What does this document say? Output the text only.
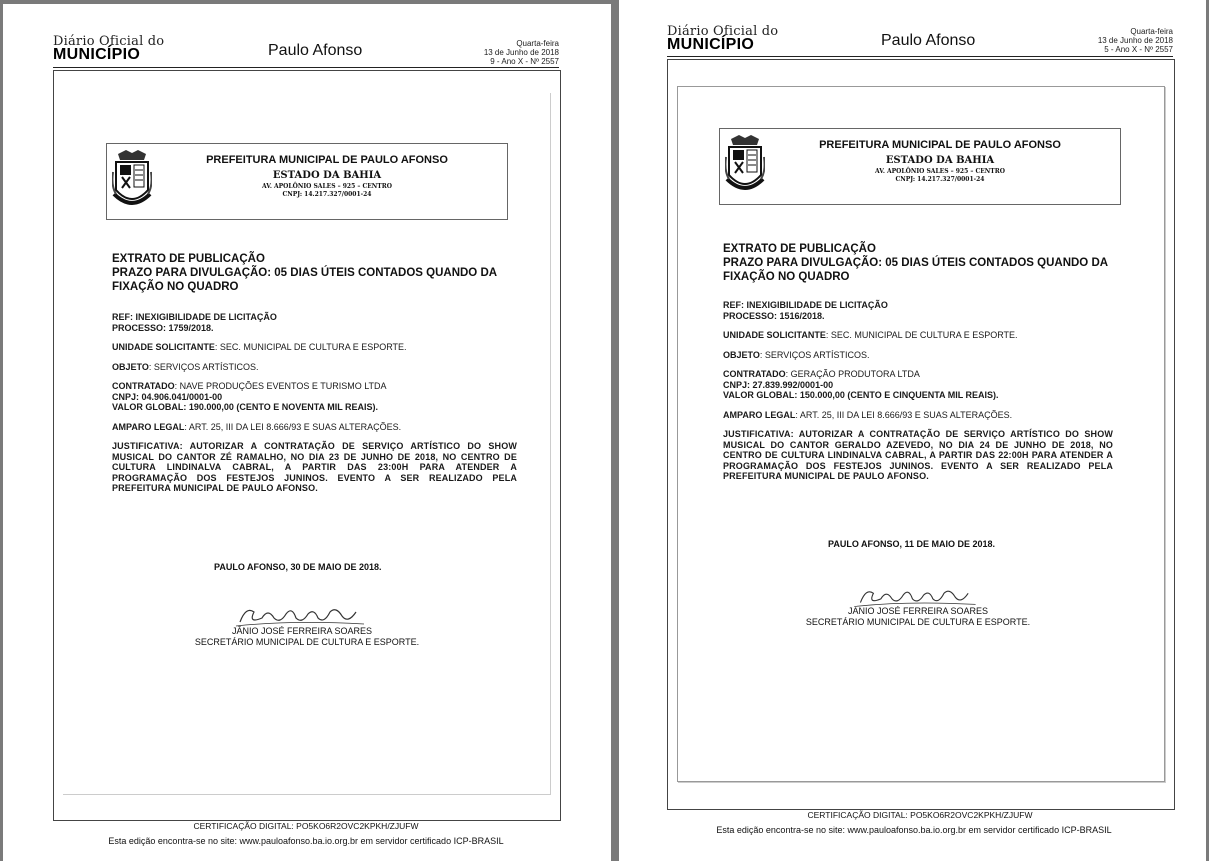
Diário Oficial do
MUNICÍPIO	Paulo Afonso	Quarta-feira
13 de Junho de 2018
9 - Ano X - Nº 2557
PREFEITURA MUNICIPAL DE PAULO AFONSO
ESTADO DA BAHIA
AV. APOLÔNIO SALES – 925 – CENTRO
CNPJ: 14.217.327/0001-24
EXTRATO DE PUBLICAÇÃO
PRAZO PARA DIVULGAÇÃO: 05 DIAS ÚTEIS CONTADOS QUANDO DA FIXAÇÃO NO QUADRO
REF: INEXIGIBILIDADE DE LICITAÇÃO
PROCESSO: 1759/2018.
UNIDADE SOLICITANTE: SEC. MUNICIPAL DE CULTURA E ESPORTE.
OBJETO: SERVIÇOS ARTÍSTICOS.
CONTRATADO: NAVE PRODUÇÕES EVENTOS E TURISMO LTDA
CNPJ: 04.906.041/0001-00
VALOR GLOBAL: 190.000,00 (CENTO E NOVENTA MIL REAIS).
AMPARO LEGAL: ART. 25, III DA LEI 8.666/93 E SUAS ALTERAÇÕES.
JUSTIFICATIVA: AUTORIZAR A CONTRATAÇÃO DE SERVIÇO ARTÍSTICO DO SHOW MUSICAL DO CANTOR ZÉ RAMALHO, NO DIA 23 DE JUNHO DE 2018, NO CENTRO DE CULTURA LINDINALVA CABRAL, A PARTIR DAS 23:00H PARA ATENDER A PROGRAMAÇÃO DOS FESTEJOS JUNINOS. EVENTO A SER REALIZADO PELA PREFEITURA MUNICIPAL DE PAULO AFONSO.
PAULO AFONSO, 30 DE MAIO DE 2018.
JÂNIO JOSÉ FERREIRA SOARES
SECRETÁRIO MUNICIPAL DE CULTURA E ESPORTE.
CERTIFICAÇÃO DIGITAL: PO5KO6R2OVC2KPKH/ZJUFW
Esta edição encontra-se no site: www.pauloafonso.ba.io.org.br em servidor certificado ICP-BRASIL
Diário Oficial do
MUNICÍPIO	Paulo Afonso
Quarta-feira
13 de Junho de 2018
5 - Ano X - Nº 2557
PREFEITURA MUNICIPAL DE PAULO AFONSO
ESTADO DA BAHIA
AV. APOLÔNIO SALES – 925 – CENTRO
CNPJ: 14.217.327/0001-24
EXTRATO DE PUBLICAÇÃO
PRAZO PARA DIVULGAÇÃO: 05 DIAS ÚTEIS CONTADOS QUANDO DA FIXAÇÃO NO QUADRO
REF: INEXIGIBILIDADE DE LICITAÇÃO
PROCESSO: 1516/2018.
UNIDADE SOLICITANTE: SEC. MUNICIPAL DE CULTURA E ESPORTE.
OBJETO: SERVIÇOS ARTÍSTICOS.
CONTRATADO: GERAÇÃO PRODUTORA LTDA
CNPJ: 27.839.992/0001-00
VALOR GLOBAL: 150.000,00 (CENTO E CINQUENTA MIL REAIS).
AMPARO LEGAL: ART. 25, III DA LEI 8.666/93 E SUAS ALTERAÇÕES.
JUSTIFICATIVA: AUTORIZAR A CONTRATAÇÃO DE SERVIÇO ARTÍSTICO DO SHOW MUSICAL DO CANTOR GERALDO AZEVEDO, NO DIA 24 DE JUNHO DE 2018, NO CENTRO DE CULTURA LINDINALVA CABRAL, A PARTIR DAS 22:00H PARA ATENDER A PROGRAMAÇÃO DOS FESTEJOS JUNINOS. EVENTO A SER REALIZADO PELA PREFEITURA MUNICIPAL DE PAULO AFONSO.
PAULO AFONSO, 11 DE MAIO DE 2018.
JÂNIO JOSÉ FERREIRA SOARES
SECRETÁRIO MUNICIPAL DE CULTURA E ESPORTE.
CERTIFICAÇÃO DIGITAL: PO5KO6R2OVC2KPKH/ZJUFW
Esta edição encontra-se no site: www.pauloafonso.ba.io.org.br em servidor certificado ICP-BRASIL
